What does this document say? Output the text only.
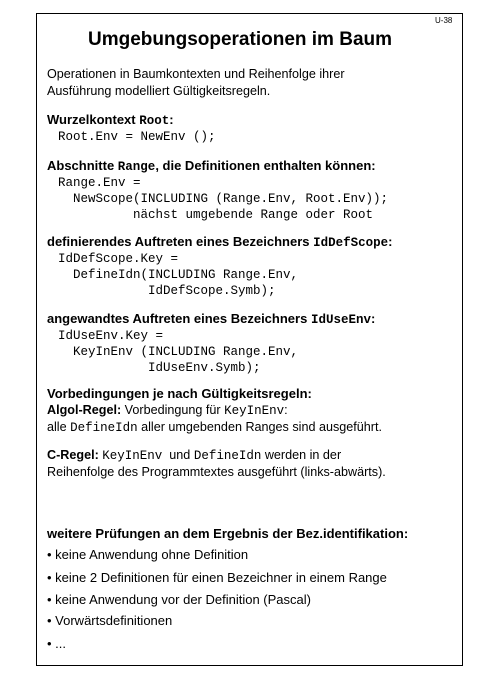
U-38
Umgebungsoperationen im Baum
Operationen in Baumkontexten und Reihenfolge ihrer
Ausführung modelliert Gültigkeitsregeln.
Wurzelkontext Root:
Root.Env = NewEnv ();
Abschnitte Range, die Definitionen enthalten können:
Range.Env =
NewScope(INCLUDING (Range.Env, Root.Env));
nächst umgebende Range oder Root
definierendes Auftreten eines Bezeichners IdDefScope:
IdDefScope.Key =
DefineIdn(INCLUDING Range.Env,
IdDefScope.Symb);
angewandtes Auftreten eines Bezeichners IdUseEnv:
IdUseEnv.Key =
KeyInEnv (INCLUDING Range.Env,
IdUseEnv.Symb);
Vorbedingungen je nach Gültigkeitsregeln:
Algol-Regel: Vorbedingung für KeyInEnv:
alle DefineIdn aller umgebenden Ranges sind ausgeführt.
C-Regel: KeyInEnv  und DefineIdn werden in der
Reihenfolge des Programmtextes ausgeführt (links-abwärts).
weitere Prüfungen an dem Ergebnis der Bez.identifikation:
• keine Anwendung ohne Definition
• keine 2 Definitionen für einen Bezeichner in einem Range
• keine Anwendung vor der Definition (Pascal)
• Vorwärtsdefinitionen
• ...
